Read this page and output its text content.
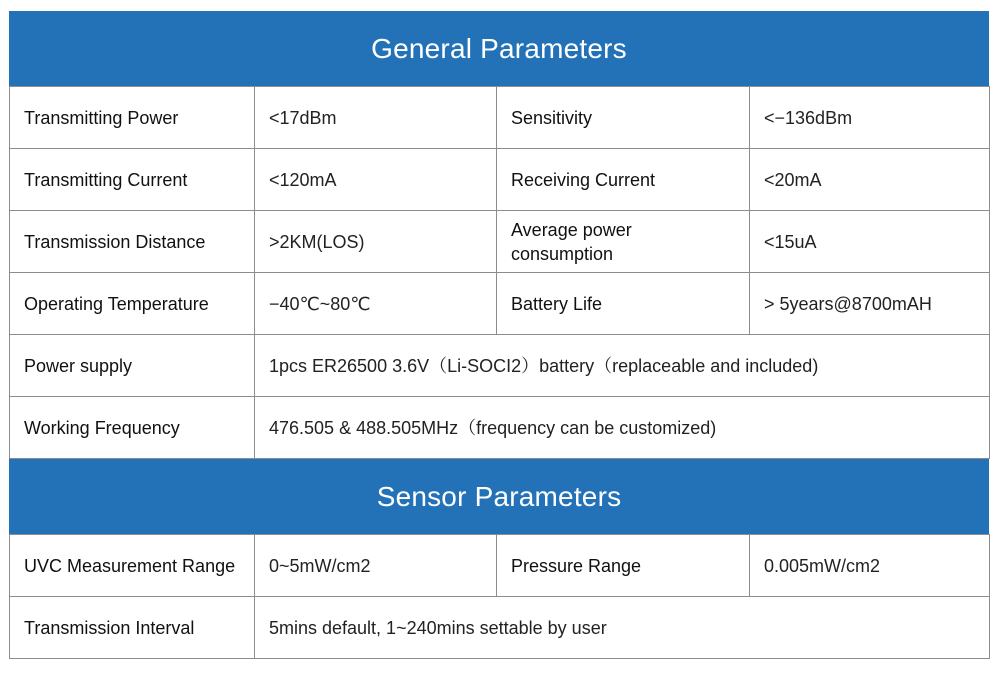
General Parameters
Transmitting Power	<17dBm	Sensitivity	<−136dBm
Transmitting Current	<120mA	Receiving Current	<20mA
Transmission Distance	>2KM(LOS)	Average power consumption	<15uA
Operating Temperature	−40℃~80℃	Battery Life	> 5years@8700mAH
Power supply	1pcs ER26500 3.6V（Li-SOCI2）battery（replaceable and included)		
Working Frequency	476.505 & 488.505MHz（frequency can be customized)		
Sensor Parameters
UVC Measurement Range	0~5mW/cm2	Pressure Range	0.005mW/cm2
Transmission Interval	5mins default, 1~240mins settable by user		
